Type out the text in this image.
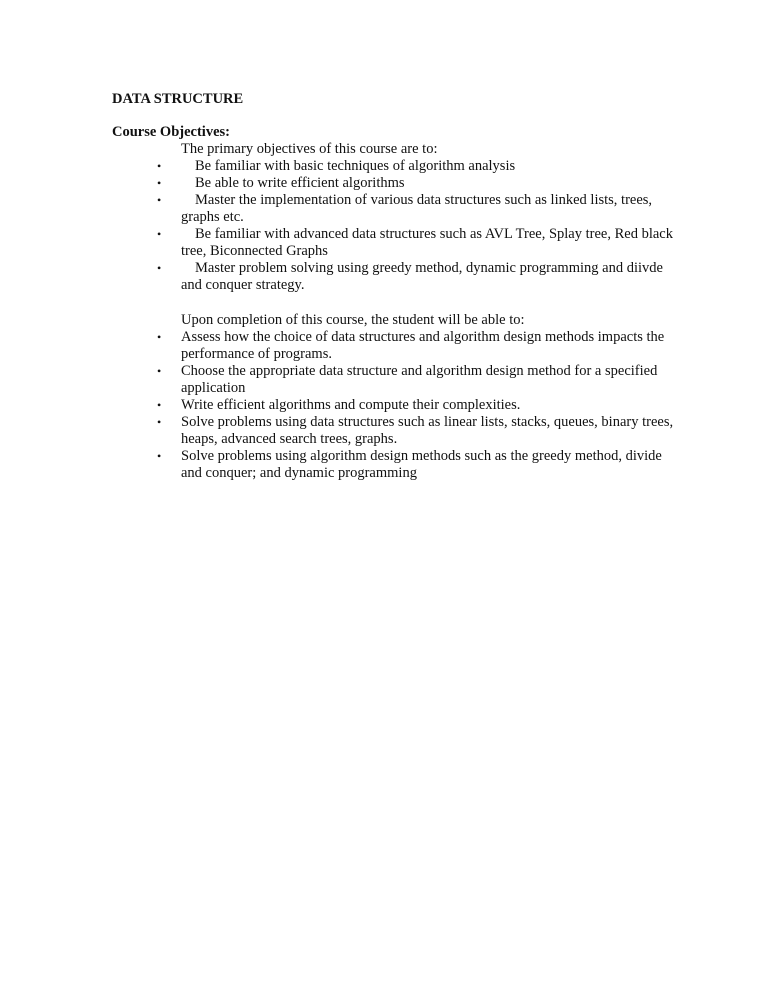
DATA STRUCTURE

Course Objectives:

The primary objectives of this course are to:

•	Be familiar with basic techniques of algorithm analysis
•	Be able to write efficient algorithms
•	Master the implementation of various data structures such as linked lists, trees, graphs etc.
•	Be familiar with advanced data structures such as AVL Tree, Splay tree, Red black tree, Biconnected Graphs
•	Master problem solving using greedy method, dynamic programming and diivde and conquer strategy.

Upon completion of this course, the student will be able to:

•	Assess how the choice of data structures and algorithm design methods impacts the performance of programs.
•	Choose the appropriate data structure and algorithm design method for a specified application
•	Write efficient algorithms and compute their complexities.
•	Solve problems using data structures such as linear lists, stacks, queues, binary trees, heaps, advanced search trees, graphs.
•	Solve problems using algorithm design methods such as the greedy method, divide and conquer; and dynamic programming
